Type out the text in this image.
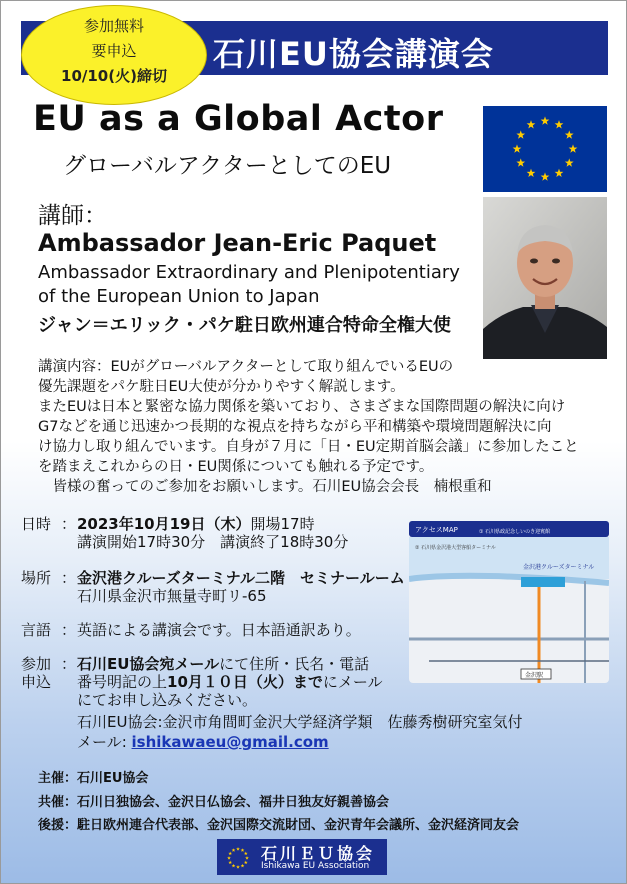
石川EU協会講演会
参加無料
要申込
10/10(火)締切
EU as a Global Actor
グローバルアクターとしてのEU
講師：
Ambassador Jean-Eric Paquet
Ambassador Extraordinary and Plenipotentiary
of the European Union to Japan
ジャン＝エリック・パケ駐日欧州連合特命全権大使
講演内容：EUがグローバルアクターとして取り組んでいるEUの
優先課題をパケ駐日EU大使が分かりやすく解説します。
またEUは日本と緊密な協力関係を築いており、さまざまな国際問題の解決に向け
G7などを通じ迅速かつ長期的な視点を持ちながら平和構築や環境問題解決に向
け協力し取り組んでいます。自身が７月に「日・EU定期首脳会議」に参加したこと
を踏まえこれからの日・EU関係についても触れる予定です。
　皆様の奮ってのご参加をお願いします。石川EU協会会長　楠根重和
日時 ： 2023年10月19日（木）開場17時
講演開始17時30分　講演終了18時30分
場所 ： 金沢港クルーズターミナル二階　セミナールーム
石川県金沢市無量寺町リ-65
言語 ： 英語による講演会です。日本語通訳あり。
参加
申込
： 石川EU協会宛メールにて住所・氏名・電話
番号明記の上10月１０日（火）までにメール
にてお申し込みください。
石川EU協会:金沢市角間町金沢大学経済学類　佐藤秀樹研究室気付
メール: ishikawaeu@gmail.com
アクセスMAP
金沢港クルーズターミナル
① 石川県政記念しいのき迎賓館
② 石川県金沢港大型客船ターミナル
金沢駅
主催：石川EU協会
共催：石川日独協会、金沢日仏協会、福井日独友好親善協会
後援：駐日欧州連合代表部、金沢国際交流財団、金沢青年会議所、金沢経済同友会
石川ＥＵ協会
Ishikawa EU Association
